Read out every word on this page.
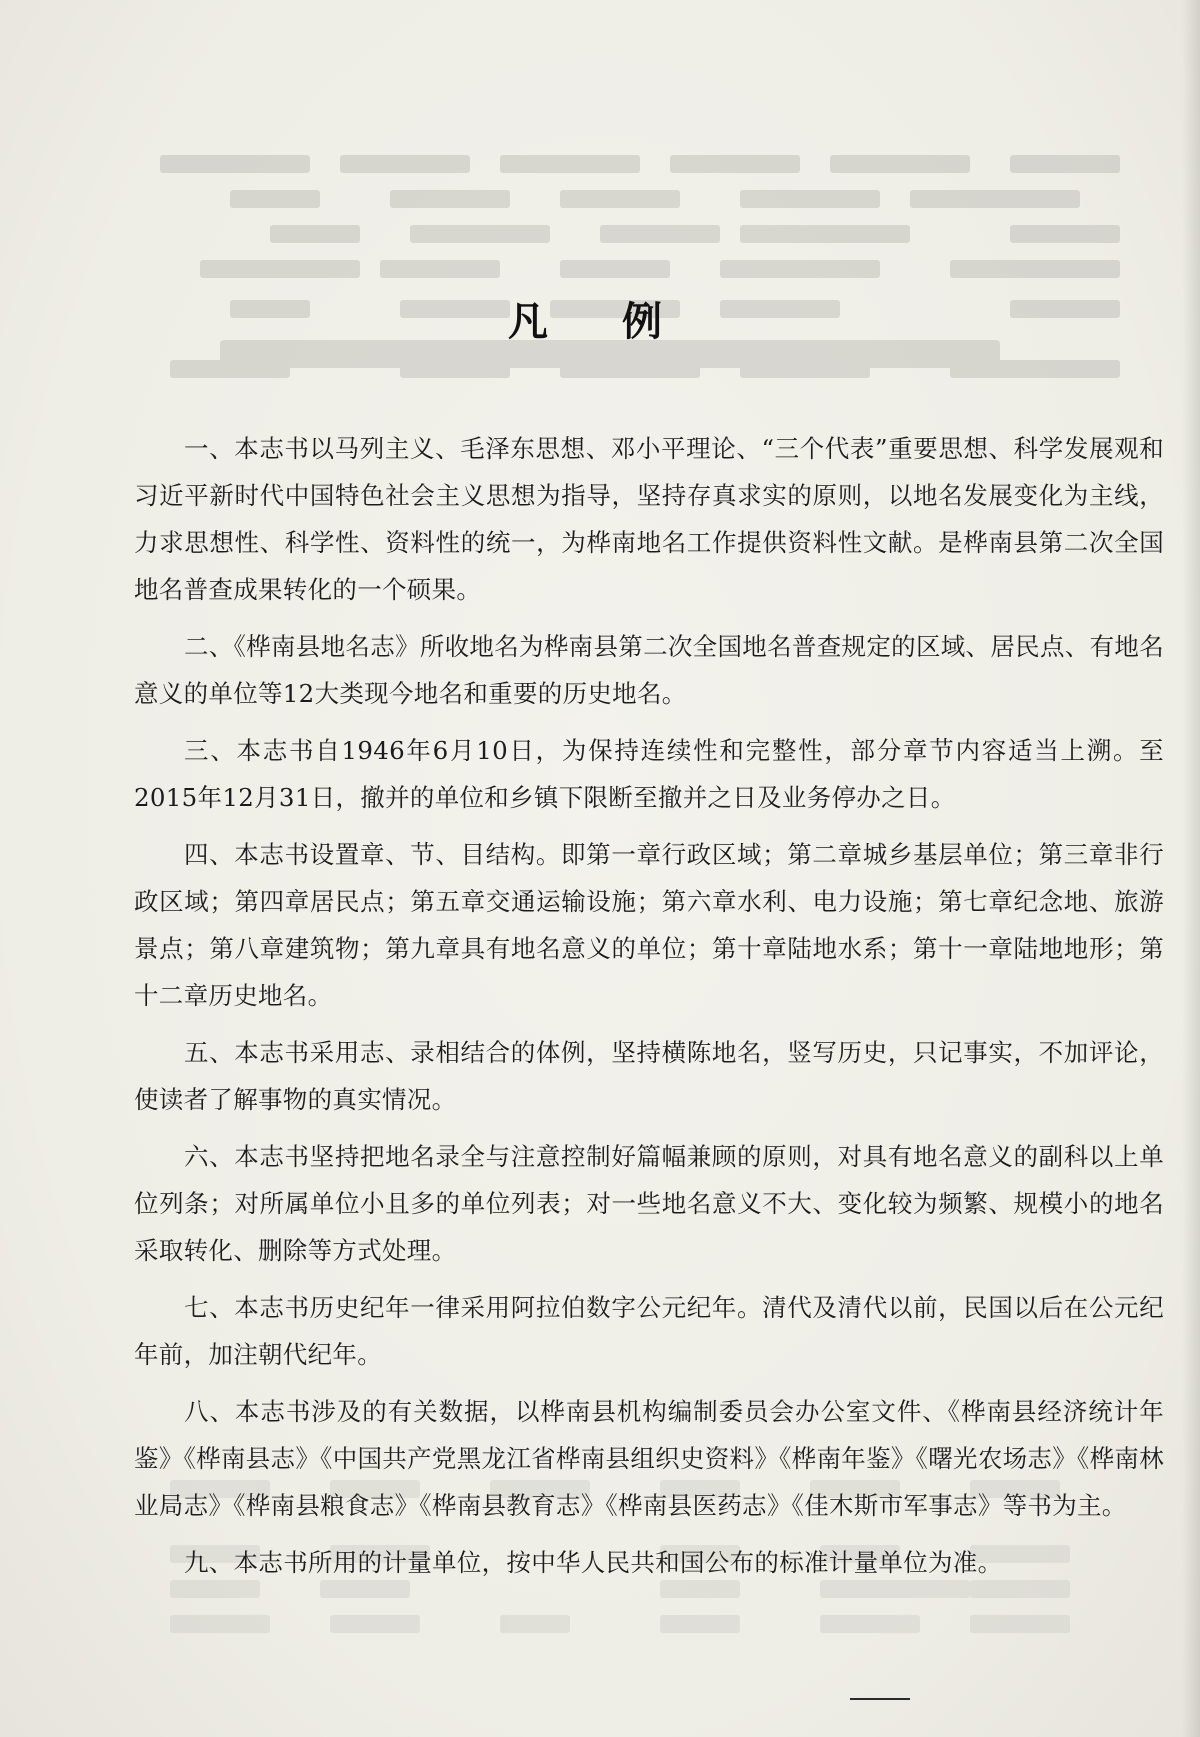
凡 例

一、本志书以马列主义、毛泽东思想、邓小平理论、“三个代表”重要思想、科学发展观和习近平新时代中国特色社会主义思想为指导，坚持存真求实的原则，以地名发展变化为主线，力求思想性、科学性、资料性的统一，为桦南地名工作提供资料性文献。是桦南县第二次全国地名普查成果转化的一个硕果。

二、《桦南县地名志》所收地名为桦南县第二次全国地名普查规定的区域、居民点、有地名意义的单位等12大类现今地名和重要的历史地名。

三、本志书自1946年6月10日，为保持连续性和完整性，部分章节内容适当上溯。至2015年12月31日，撤并的单位和乡镇下限断至撤并之日及业务停办之日。

四、本志书设置章、节、目结构。即第一章行政区域；第二章城乡基层单位；第三章非行政区域；第四章居民点；第五章交通运输设施；第六章水利、电力设施；第七章纪念地、旅游景点；第八章建筑物；第九章具有地名意义的单位；第十章陆地水系；第十一章陆地地形；第十二章历史地名。

五、本志书采用志、录相结合的体例，坚持横陈地名，竖写历史，只记事实，不加评论，使读者了解事物的真实情况。

六、本志书坚持把地名录全与注意控制好篇幅兼顾的原则，对具有地名意义的副科以上单位列条；对所属单位小且多的单位列表；对一些地名意义不大、变化较为频繁、规模小的地名采取转化、删除等方式处理。

七、本志书历史纪年一律采用阿拉伯数字公元纪年。清代及清代以前，民国以后在公元纪年前，加注朝代纪年。

八、本志书涉及的有关数据，以桦南县机构编制委员会办公室文件、《桦南县经济统计年鉴》《桦南县志》《中国共产党黑龙江省桦南县组织史资料》《桦南年鉴》《曙光农场志》《桦南林业局志》《桦南县粮食志》《桦南县教育志》《桦南县医药志》《佳木斯市军事志》等书为主。

九、本志书所用的计量单位，按中华人民共和国公布的标准计量单位为准。
